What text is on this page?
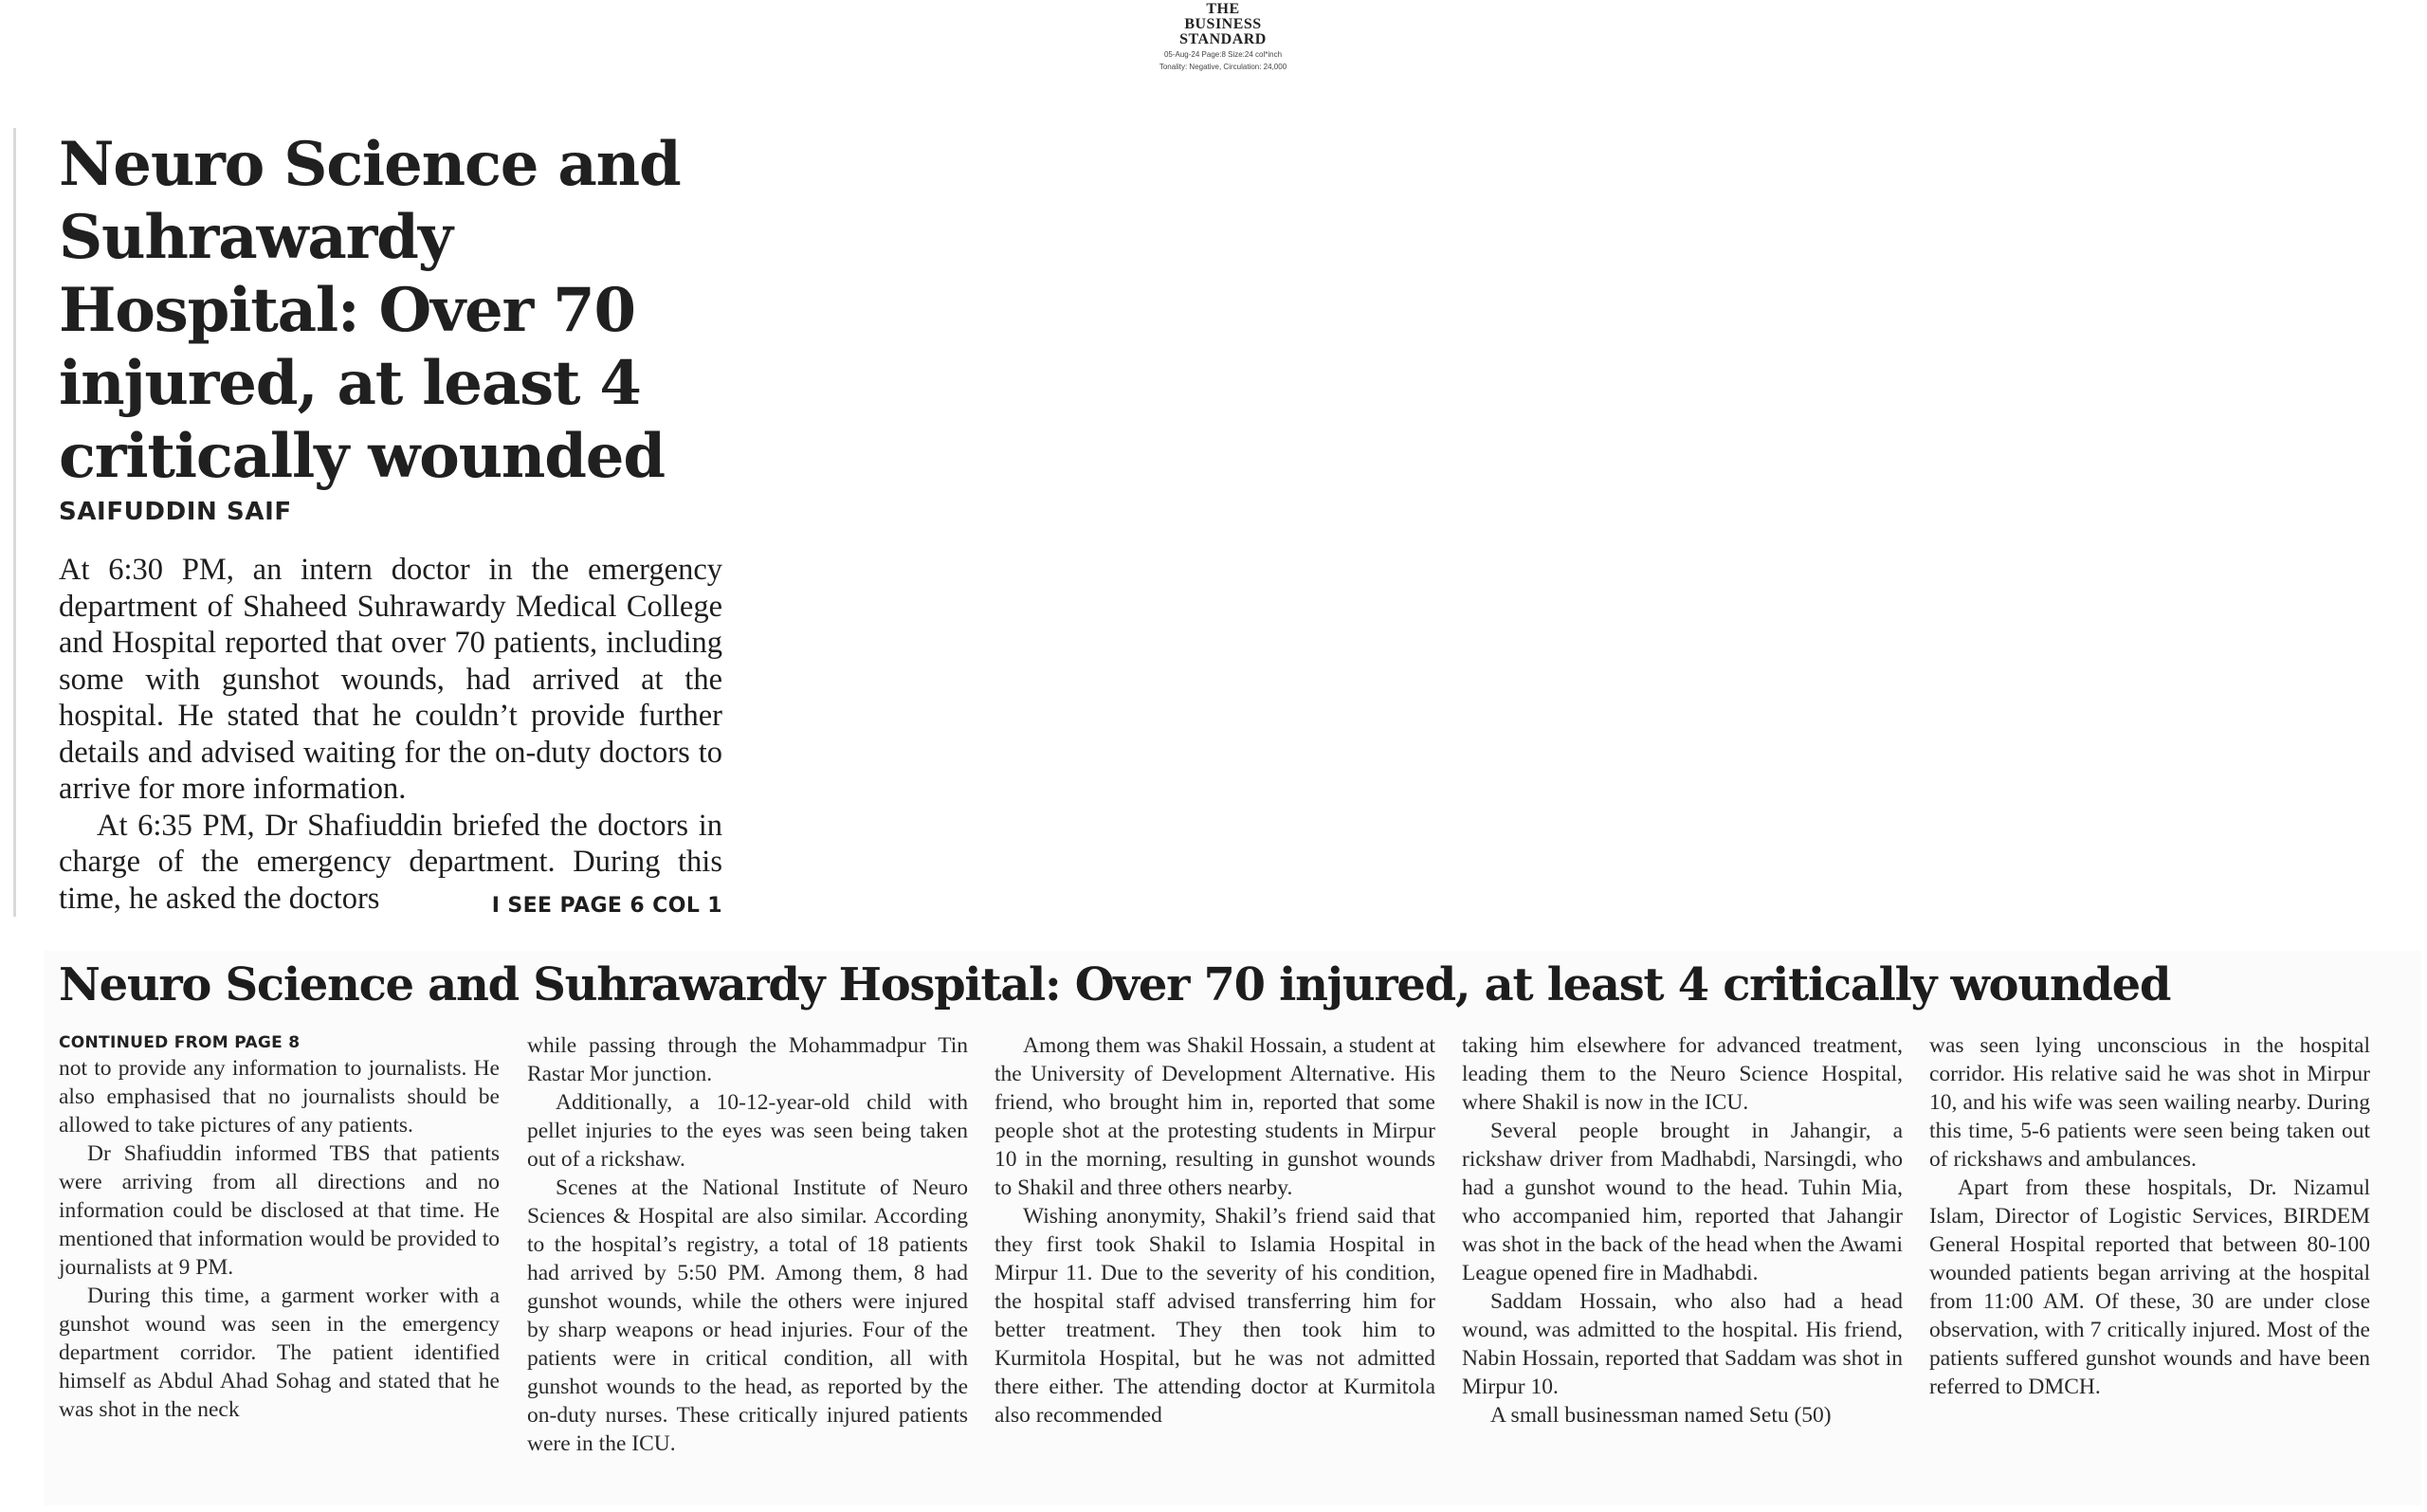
THE
BUSINESS
STANDARD
05-Aug-24 Page:8 Size:24 col*inch
Tonality: Negative, Circulation: 24,000
Neuro Science and Suhrawardy Hospital: Over 70 injured, at least 4 critically wounded
SAIFUDDIN SAIF

At 6:30 PM, an intern doctor in the emergency department of Shaheed Suhrawardy Medical College and Hospital reported that over 70 patients, including some with gunshot wounds, had arrived at the hospital. He stated that he couldn’t provide further details and advised waiting for the on-duty doctors to arrive for more information.

At 6:35 PM, Dr Shafiuddin briefed the doctors in charge of the emergency department. During this time, he asked the doctors	I SEE PAGE 6 COL 1

Neuro Science and Suhrawardy Hospital: Over 70 injured, at least 4 critically wounded
CONTINUED FROM PAGE 8

not to provide any information to journalists. He also emphasised that no journalists should be allowed to take pictures of any patients.

Dr Shafiuddin informed TBS that patients were arriving from all directions and no information could be disclosed at that time. He mentioned that information would be provided to journalists at 9 PM.

During this time, a garment worker with a gunshot wound was seen in the emergency department corridor. The patient identified himself as Abdul Ahad Sohag and stated that he was shot in the neck

while passing through the Mohammadpur Tin Rastar Mor junction.

Additionally, a 10-12-year-old child with pellet injuries to the eyes was seen being taken out of a rickshaw.

Scenes at the National Institute of Neuro Sciences & Hospital are also similar. According to the hospital’s registry, a total of 18 patients had arrived by 5:50 PM. Among them, 8 had gunshot wounds, while the others were injured by sharp weapons or head injuries. Four of the patients were in critical condition, all with gunshot wounds to the head, as reported by the on-duty nurses. These critically injured patients were in the ICU.

Among them was Shakil Hossain, a student at the University of Development Alternative. His friend, who brought him in, reported that some people shot at the protesting students in Mirpur 10 in the morning, resulting in gunshot wounds to Shakil and three others nearby.

Wishing anonymity, Shakil’s friend said that they first took Shakil to Islamia Hospital in Mirpur 11. Due to the severity of his condition, the hospital staff advised transferring him for better treatment. They then took him to Kurmitola Hospital, but he was not admitted there either. The attending doctor at Kurmitola also recommended

taking him elsewhere for advanced treatment, leading them to the Neuro Science Hospital, where Shakil is now in the ICU.

Several people brought in Jahangir, a rickshaw driver from Madhabdi, Narsingdi, who had a gunshot wound to the head. Tuhin Mia, who accompanied him, reported that Jahangir was shot in the back of the head when the Awami League opened fire in Madhabdi.

Saddam Hossain, who also had a head wound, was admitted to the hospital. His friend, Nabin Hossain, reported that Saddam was shot in Mirpur 10.

A small businessman named Setu (50)

was seen lying unconscious in the hospital corridor. His relative said he was shot in Mirpur 10, and his wife was seen wailing nearby. During this time, 5-6 patients were seen being taken out of rickshaws and ambulances.

Apart from these hospitals, Dr. Nizamul Islam, Director of Logistic Services, BIRDEM General Hospital reported that between 80-100 wounded patients began arriving at the hospital from 11:00 AM. Of these, 30 are under close observation, with 7 critically injured. Most of the patients suffered gunshot wounds and have been referred to DMCH.
